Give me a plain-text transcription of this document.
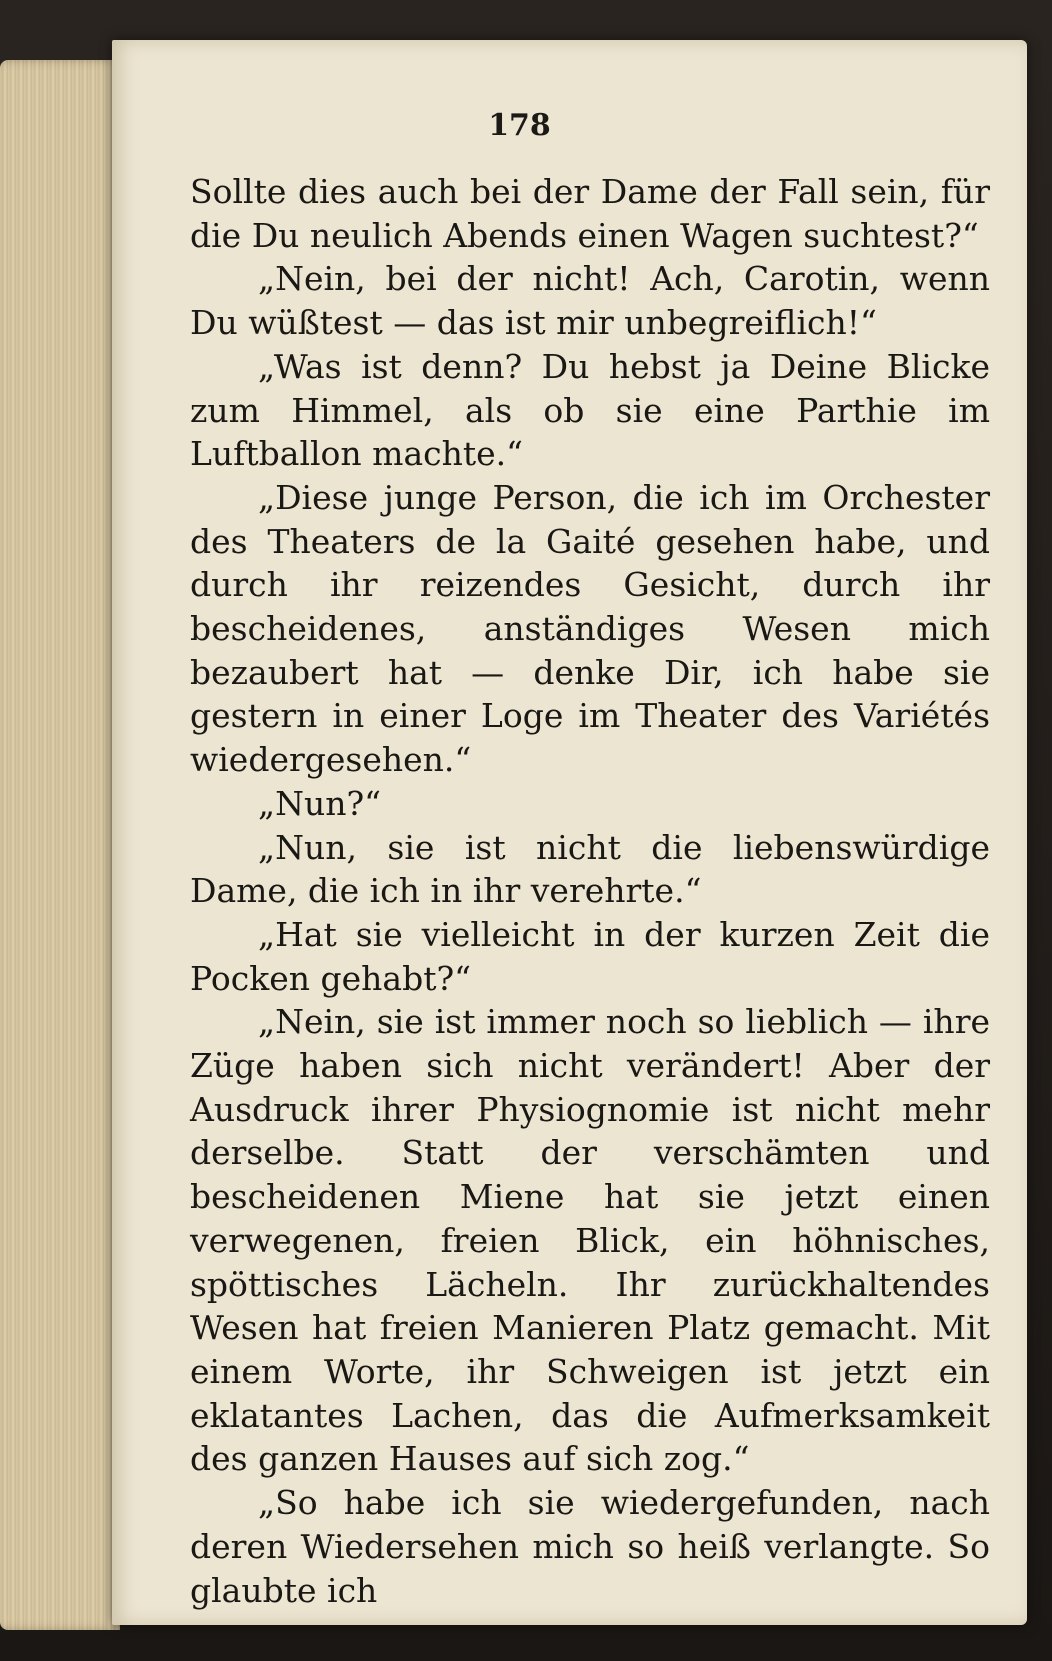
178

Sollte dies auch bei der Dame der Fall sein, für die Du neulich Abends einen Wagen suchtest?“

„Nein, bei der nicht! Ach, Carotin, wenn Du wüßtest — das ist mir unbegreiflich!“

„Was ist denn? Du hebst ja Deine Blicke zum Himmel, als ob sie eine Parthie im Luftballon machte.“

„Diese junge Person, die ich im Orchester des Theaters de la Gaité gesehen habe, und durch ihr reizendes Gesicht, durch ihr bescheidenes, anständiges Wesen mich bezaubert hat — denke Dir, ich habe sie gestern in einer Loge im Theater des Variétés wiedergesehen.“

„Nun?“

„Nun, sie ist nicht die liebenswürdige Dame, die ich in ihr verehrte.“

„Hat sie vielleicht in der kurzen Zeit die Pocken gehabt?“

„Nein, sie ist immer noch so lieblich — ihre Züge haben sich nicht verändert! Aber der Ausdruck ihrer Physiognomie ist nicht mehr derselbe. Statt der verschämten und bescheidenen Miene hat sie jetzt einen verwegenen, freien Blick, ein höhnisches, spöttisches Lächeln. Ihr zurückhaltendes Wesen hat freien Manieren Platz gemacht. Mit einem Worte, ihr Schweigen ist jetzt ein eklatantes Lachen, das die Aufmerksamkeit des ganzen Hauses auf sich zog.“

„So habe ich sie wiedergefunden, nach deren Wiedersehen mich so heiß verlangte. So glaubte ich
